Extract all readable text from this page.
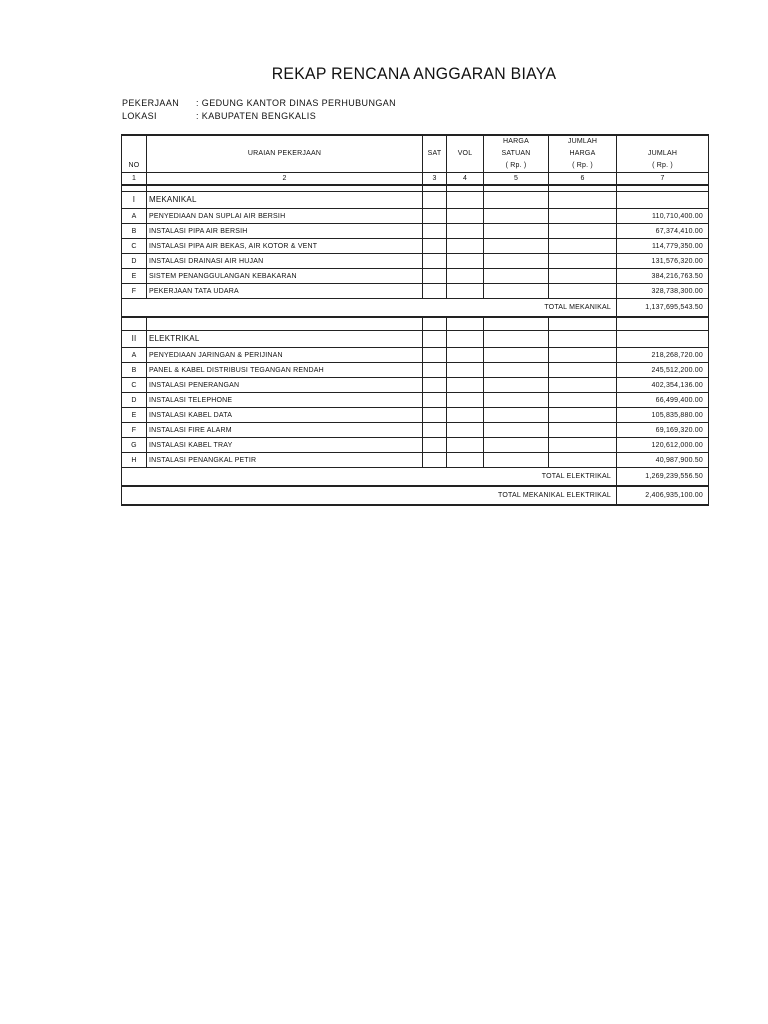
REKAP RENCANA ANGGARAN BIAYA
PEKERJAAN : GEDUNG KANTOR DINAS PERHUBUNGAN
LOKASI	: KABUPATEN BENGKALIS
				HARGA	JUMLAH	
	URAIAN PEKERJAAN	SAT	VOL	SATUAN	HARGA	JUMLAH
NO				( Rp. )	( Rp. )	( Rp. )
1	2	3	4	5	6	7

I	MEKANIKAL					
A	PENYEDIAAN DAN SUPLAI AIR BERSIH					110,710,400.00
B	INSTALASI PIPA AIR BERSIH					67,374,410.00
C	INSTALASI PIPA AIR BEKAS, AIR KOTOR & VENT					114,779,350.00
D	INSTALASI DRAINASI AIR HUJAN					131,576,320.00
E	SISTEM PENANGGULANGAN KEBAKARAN					384,216,763.50
F	PEKERJAAN TATA UDARA					328,738,300.00
	TOTAL MEKANIKAL					1,137,695,543.50

II	ELEKTRIKAL					
A	PENYEDIAAN JARINGAN & PERIJINAN					218,268,720.00
B	PANEL & KABEL DISTRIBUSI TEGANGAN RENDAH					245,512,200.00
C	INSTALASI PENERANGAN					402,354,136.00
D	INSTALASI TELEPHONE					66,499,400.00
E	INSTALASI KABEL DATA					105,835,880.00
F	INSTALASI FIRE ALARM					69,169,320.00
G	INSTALASI KABEL TRAY					120,612,000.00
H	INSTALASI PENANGKAL PETIR					40,987,900.50
	TOTAL ELEKTRIKAL					1,269,239,556.50
TOTAL MEKANIKAL ELEKTRIKAL						2,406,935,100.00
